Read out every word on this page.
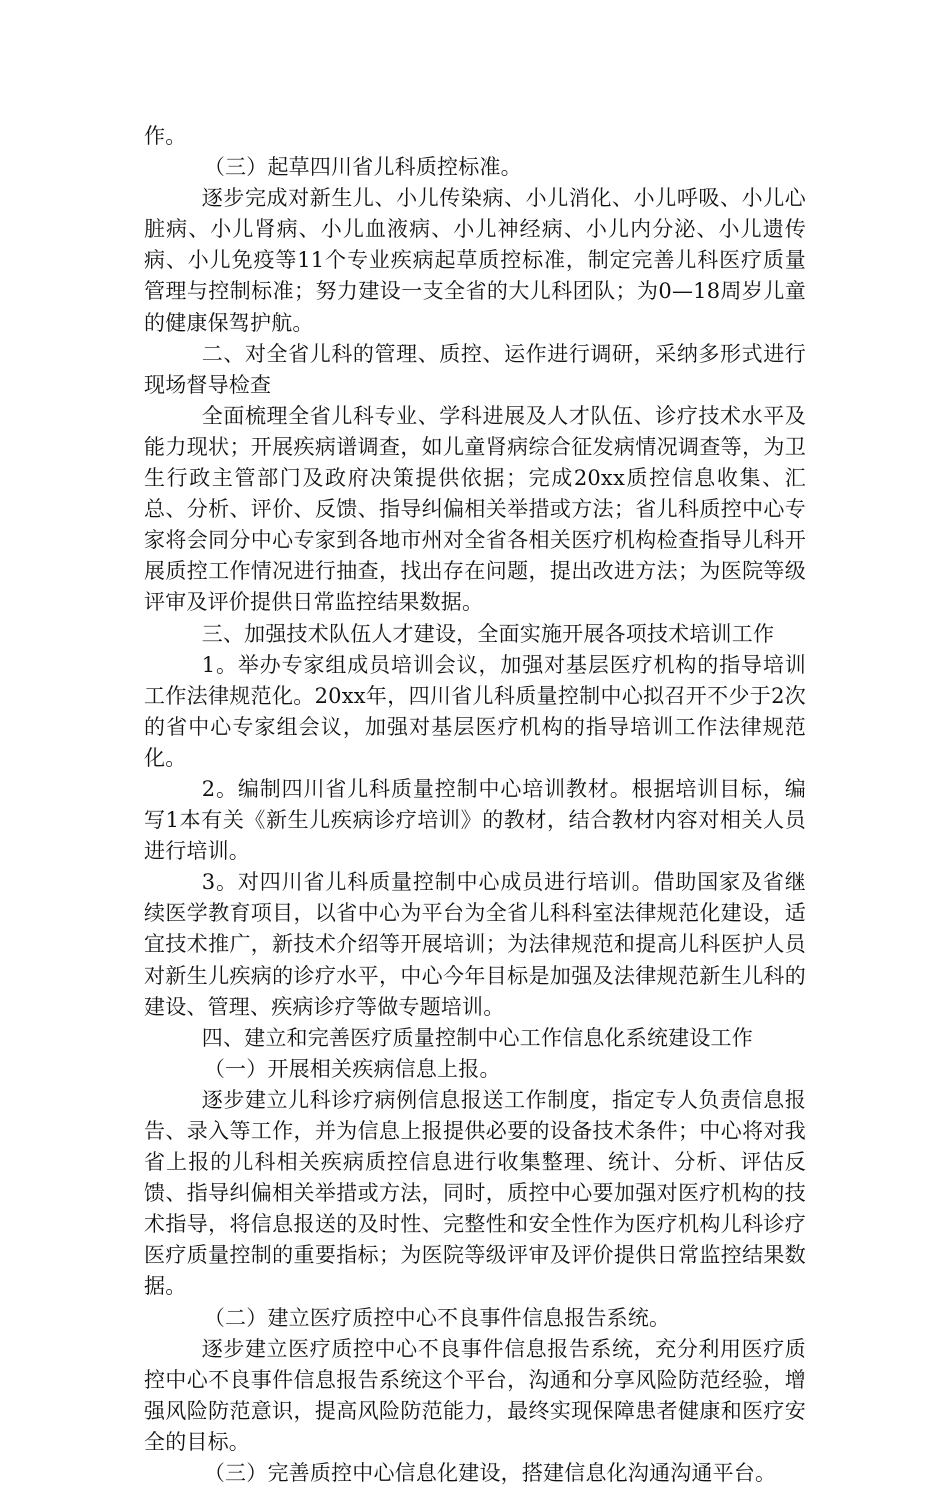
作。

（三）起草四川省儿科质控标准。

逐步完成对新生儿、小儿传染病、小儿消化、小儿呼吸、小儿心脏病、小儿肾病、小儿血液病、小儿神经病、小儿内分泌、小儿遗传病、小儿免疫等11个专业疾病起草质控标准，制定完善儿科医疗质量管理与控制标准；努力建设一支全省的大儿科团队；为0—18周岁儿童的健康保驾护航。

二、对全省儿科的管理、质控、运作进行调研，采纳多形式进行现场督导检查

全面梳理全省儿科专业、学科进展及人才队伍、诊疗技术水平及能力现状；开展疾病谱调查，如儿童肾病综合征发病情况调查等，为卫生行政主管部门及政府决策提供依据；完成20xx质控信息收集、汇总、分析、评价、反馈、指导纠偏相关举措或方法；省儿科质控中心专家将会同分中心专家到各地市州对全省各相关医疗机构检查指导儿科开展质控工作情况进行抽查，找出存在问题，提出改进方法；为医院等级评审及评价提供日常监控结果数据。

三、加强技术队伍人才建设，全面实施开展各项技术培训工作

1。举办专家组成员培训会议，加强对基层医疗机构的指导培训工作法律规范化。20xx年，四川省儿科质量控制中心拟召开不少于2次的省中心专家组会议，加强对基层医疗机构的指导培训工作法律规范化。

2。编制四川省儿科质量控制中心培训教材。根据培训目标，编写1本有关《新生儿疾病诊疗培训》的教材，结合教材内容对相关人员进行培训。

3。对四川省儿科质量控制中心成员进行培训。借助国家及省继续医学教育项目，以省中心为平台为全省儿科科室法律规范化建设，适宜技术推广，新技术介绍等开展培训；为法律规范和提高儿科医护人员对新生儿疾病的诊疗水平，中心今年目标是加强及法律规范新生儿科的建设、管理、疾病诊疗等做专题培训。

四、建立和完善医疗质量控制中心工作信息化系统建设工作

（一）开展相关疾病信息上报。

逐步建立儿科诊疗病例信息报送工作制度，指定专人负责信息报告、录入等工作，并为信息上报提供必要的设备技术条件；中心将对我省上报的儿科相关疾病质控信息进行收集整理、统计、分析、评估反馈、指导纠偏相关举措或方法，同时，质控中心要加强对医疗机构的技术指导，将信息报送的及时性、完整性和安全性作为医疗机构儿科诊疗医疗质量控制的重要指标；为医院等级评审及评价提供日常监控结果数据。

（二）建立医疗质控中心不良事件信息报告系统。

逐步建立医疗质控中心不良事件信息报告系统，充分利用医疗质控中心不良事件信息报告系统这个平台，沟通和分享风险防范经验，增强风险防范意识，提高风险防范能力，最终实现保障患者健康和医疗安全的目标。

（三）完善质控中心信息化建设，搭建信息化沟通沟通平台。
